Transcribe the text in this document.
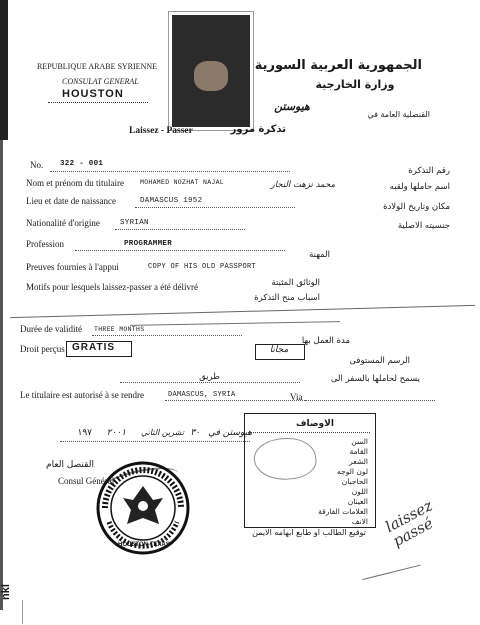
nkl
REPUBLIQUE ARABE SYRIENNE
CONSULAT GENERAL
HOUSTON
الجمهورية العربية السورية
وزارة الخارجية
القنصلية العامة في
هيوستن
Laissez - Passer	تذكرة مرور
No. 322 - 001
رقم التذكرة
Nom et prénom du titulaire MOHAMED NOZHAT NAJAL	محمد نزهت النجار	اسم حاملها ولقبه
Lieu et date de naissance	DAMASCUS 1952
مكان وتاريخ الولادة
Nationalité d'origine	SYRIAN	جنسيته الاصلية
Profession	PROGRAMMER
المهنة
Preuves fournies à l'appui	COPY OF HIS OLD PASSPORT
الوثائق المثبتة
Motifs pour lesquels laissez-passer a été délivré
اسباب منح التذكرة
Durée de validité THREE MONTHS
مدة العمل بها
Droit perçus GRATIS	مجانا
الرسم المستوفى
يسمح لحاملها بالسفر الى
طريق
Le titulaire est autorisé à se rendre	DAMASCUS, SYRIA	Via
١٩٧	٢٠٠١	تشرين الثاني ٣٠ هيوستن في
القنصل العام
Consul Général
HOUSTON-TEXAS
الاوصاف
السن
القامة
الشعر
لون الوجه
الحاجبان
اللون
العينان
العلامات الفارقة
الانف
توقيع الطالب او طابع ابهامه الايمن	laissez passé
